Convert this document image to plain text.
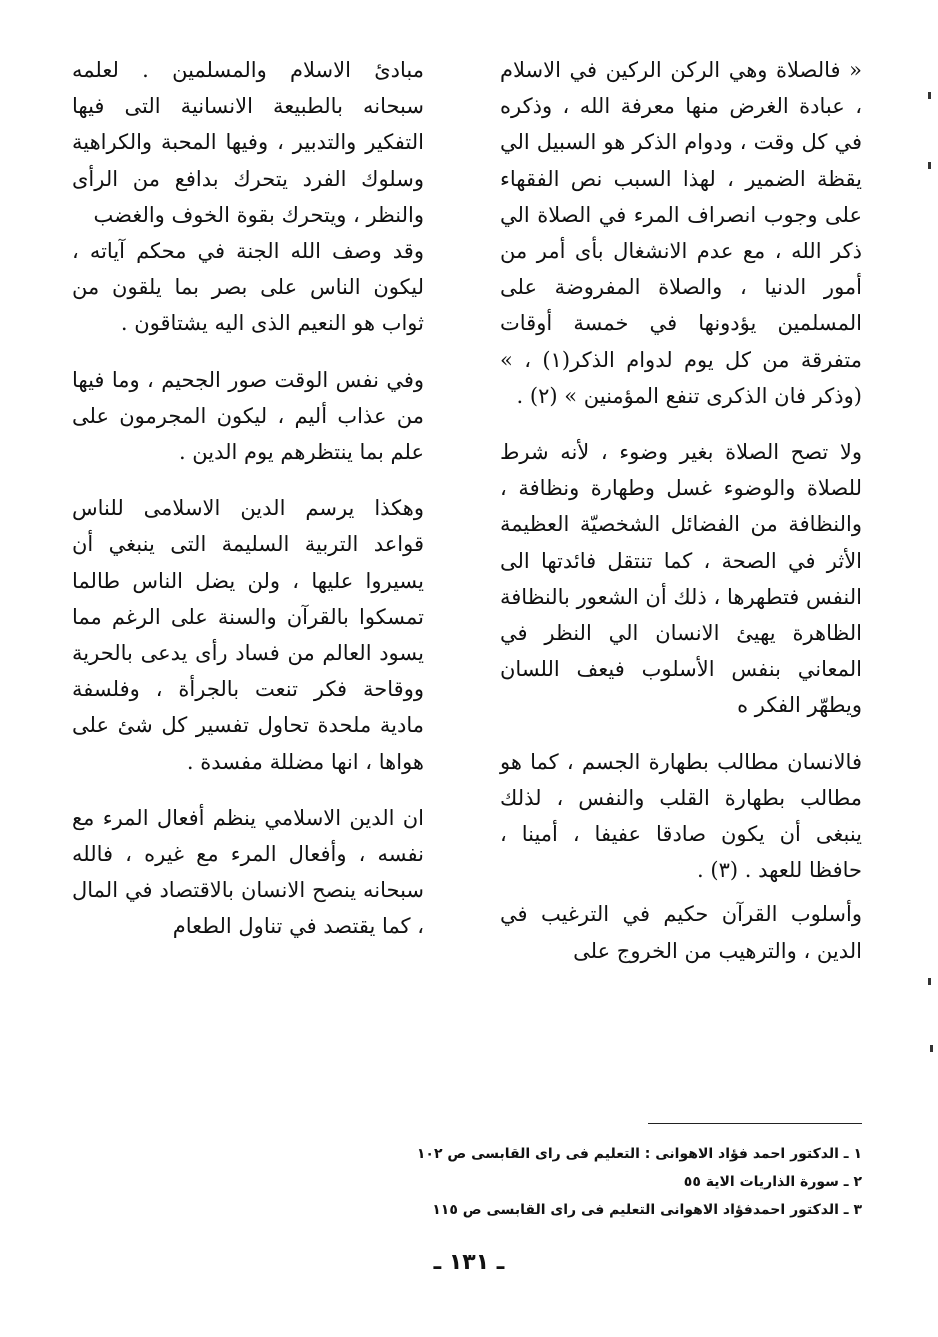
« فالصلاة وهي الركن الركين في الاسلام ، عبادة الغرض منها معرفة الله ، وذكره في كل وقت ، ودوام الذكر هو السبيل الي يقظة الضمير ، لهذا السبب نص الفقهاء على وجوب انصراف المرء في الصلاة الي ذكر الله ، مع عدم الانشغال بأى أمر من أمور الدنيا ، والصلاة المفروضة على المسلمين يؤدونها في خمسة أوقات متفرقة من كل يوم لدوام الذكر(١) ، » (وذكر فان الذكرى تنفع المؤمنين » (٢) .

ولا تصح الصلاة بغير وضوء ، لأنه شرط للصلاة والوضوء غسل وطهارة ونظافة ، والنظافة من الفضائل الشخصيّة العظيمة الأثر في الصحة ، كما تنتقل فائدتها الى النفس فتطهرها ، ذلك أن الشعور بالنظافة الظاهرة يهيئ الانسان الي النظر في المعاني بنفس الأسلوب فيعف اللسان ويطهّر الفكر ه

فالانسان مطالب بطهارة الجسم ، كما هو مطالب بطهارة القلب والنفس ، لذلك ينبغى أن يكون صادقا عفيفا ، أمينا ، حافظا للعهد . (٣) .

وأسلوب القرآن حكيم في الترغيب في الدين ، والترهيب من الخروج على

مبادئ الاسلام والمسلمين . لعلمه سبحانه بالطبيعة الانسانية التى فيها التفكير والتدبير ، وفيها المحبة والكراهية وسلوك الفرد يتحرك بدافع من الرأى والنظر ، ويتحرك بقوة الخوف والغضب

وقد وصف الله الجنة في محكم آياته ، ليكون الناس على بصر بما يلقون من ثواب هو النعيم الذى اليه يشتاقون .

وفي نفس الوقت صور الجحيم ، وما فيها من عذاب أليم ، ليكون المجرمون على علم بما ينتظرهم يوم الدين .

وهكذا يرسم الدين الاسلامى للناس قواعد التربية السليمة التى ينبغي أن يسيروا عليها ، ولن يضل الناس طالما تمسكوا بالقرآن والسنة على الرغم مما يسود العالم من فساد رأى يدعى بالحرية ووقاحة فكر تنعت بالجرأة ، وفلسفة مادية ملحدة تحاول تفسير كل شئ على هواها ، انها مضللة مفسدة .

ان الدين الاسلامي ينظم أفعال المرء مع نفسه ، وأفعال المرء مع غيره ، فالله سبحانه ينصح الانسان بالاقتصاد في المال ، كما يقتصد في تناول الطعام

١ ـ الدكتور احمد فؤاد الاهوانى : التعليم فى راى القابسى ص ١٠٢

٢ ـ سورة الذاريات الاية ٥٥

٣ ـ الدكتور احمدفؤاد الاهوانى التعليم فى راى القابسى ص ١١٥

ـ ١٣١ ـ
